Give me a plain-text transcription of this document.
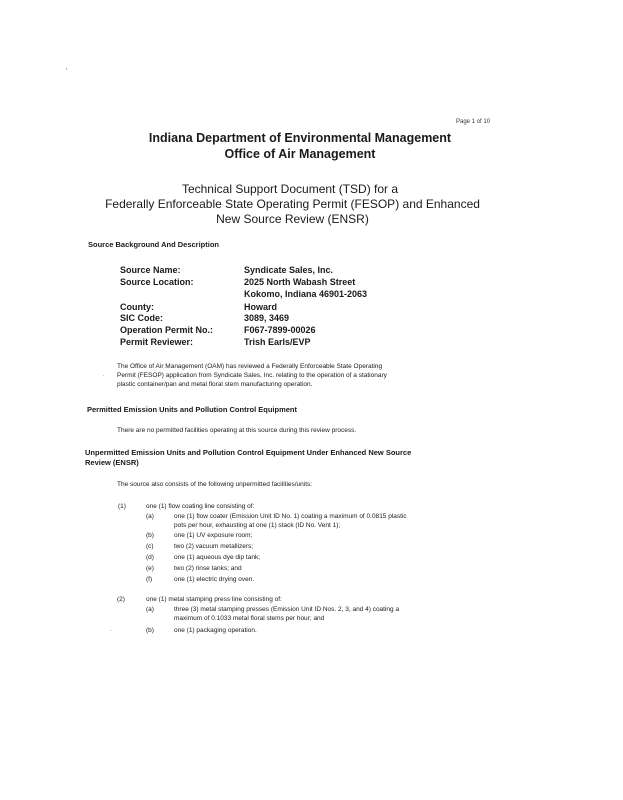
'
Page 1 of 10
Indiana Department of Environmental Management
Office of Air Management
Technical Support Document (TSD) for a
Federally Enforceable State Operating Permit (FESOP) and Enhanced
New Source Review (ENSR)
Source Background And Description
Source Name:	Syndicate Sales, Inc.
Source Location:	2025 North Wabash Street
Kokomo, Indiana 46901-2063
County:	Howard
SIC Code:	3089, 3469
Operation Permit No.:	F067-7899-00026
Permit Reviewer:	Trish Earls/EVP
The Office of Air Management (OAM) has reviewed a Federally Enforceable State Operating
Permit (FESOP) application from Syndicate Sales, Inc. relating to the operation of a stationary
plastic container/pan and metal floral stem manufacturing operation.
Permitted Emission Units and Pollution Control Equipment
There are no permitted facilities operating at this source during this review process.
Unpermitted Emission Units and Pollution Control Equipment Under Enhanced New Source
Review (ENSR)
The source also consists of the following unpermitted facilities/units:
(1)	one (1) flow coating line consisting of:
(a)	one (1) flow coater (Emission Unit ID No. 1) coating a maximum of 0.0815 plastic
pots per hour, exhausting at one (1) stack (ID No. Vent 1);
(b)	one (1) UV exposure room;
(c)	two (2) vacuum metallizers;
(d)	one (1) aqueous dye dip tank;
(e)	two (2) rinse tanks; and
(f)	one (1) electric drying oven.
(2)	one (1) metal stamping press line consisting of:
(a)	three (3) metal stamping presses (Emission Unit ID Nos. 2, 3, and 4) coating a
maximum of 0.1033 metal floral stems per hour; and
(b)	one (1) packaging operation.
.
.
